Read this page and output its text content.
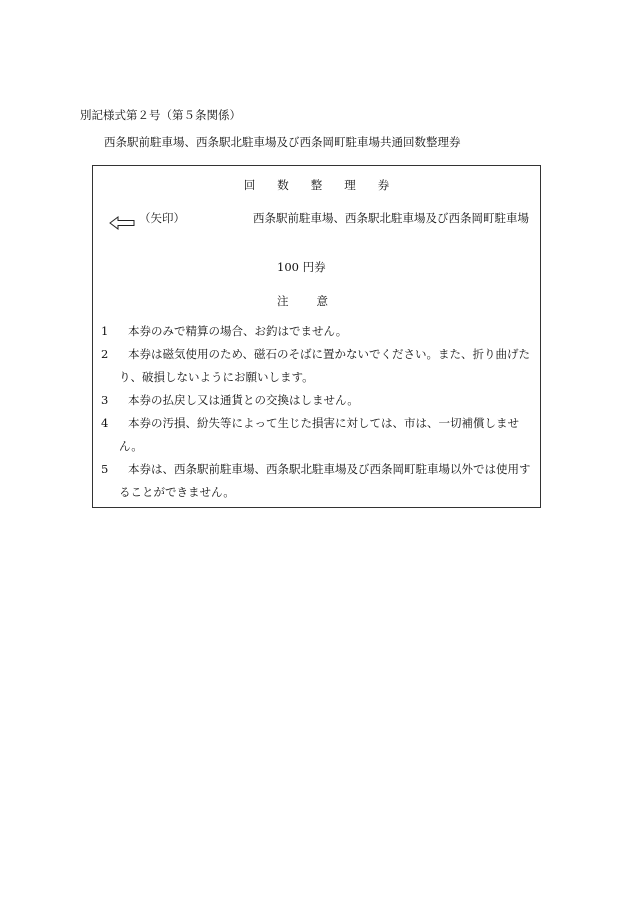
別記様式第２号（第５条関係）
西条駅前駐車場、西条駅北駐車場及び西条岡町駐車場共通回数整理券
回数整理券
（矢印）	西条駅前駐車場、西条駅北駐車場及び西条岡町駐車場
100 円券
注意
1	本券のみで精算の場合、お釣はでません。
2	本券は磁気使用のため、磁石のそばに置かないでください。また、折り曲げたり、破損しないようにお願いします。
3	本券の払戻し又は通貨との交換はしません。
4	本券の汚損、紛失等によって生じた損害に対しては、市は、一切補償しません。
5	本券は、西条駅前駐車場、西条駅北駐車場及び西条岡町駐車場以外では使用することができません。
